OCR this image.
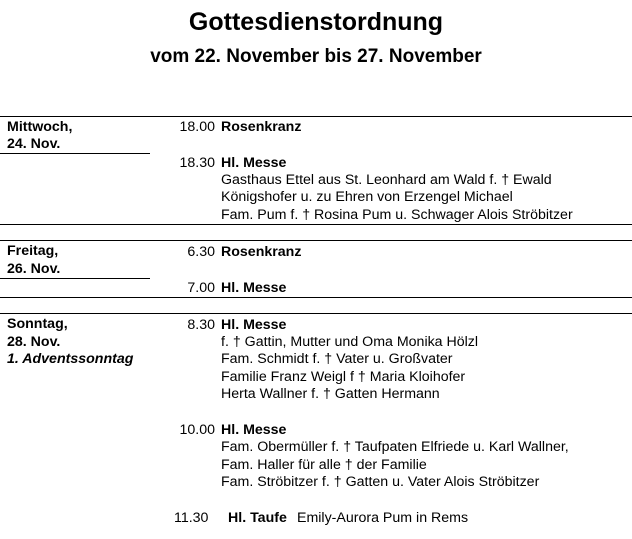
Gottesdienstordnung
vom 22. November bis 27. November
Mittwoch,
24. Nov.
18.00 Rosenkranz
18.30 Hl. Messe
Gasthaus Ettel aus St. Leonhard am Wald f. † Ewald
Königshofer u. zu Ehren von Erzengel Michael
Fam. Pum f. † Rosina Pum u. Schwager Alois Ströbitzer
Freitag,
26. Nov.
6.30 Rosenkranz
7.00 Hl. Messe
Sonntag,
28. Nov.
1. Adventssonntag
8.30 Hl. Messe
f. † Gattin, Mutter und Oma Monika Hölzl
Fam. Schmidt f. † Vater u. Großvater
Familie Franz Weigl f † Maria Kloihofer
Herta Wallner f. † Gatten Hermann
10.00 Hl. Messe
Fam. Obermüller f. † Taufpaten Elfriede u. Karl Wallner,
Fam. Haller für alle † der Familie
Fam. Ströbitzer f. † Gatten u. Vater Alois Ströbitzer
11.30 Hl. Taufe Emily-Aurora Pum in Rems
